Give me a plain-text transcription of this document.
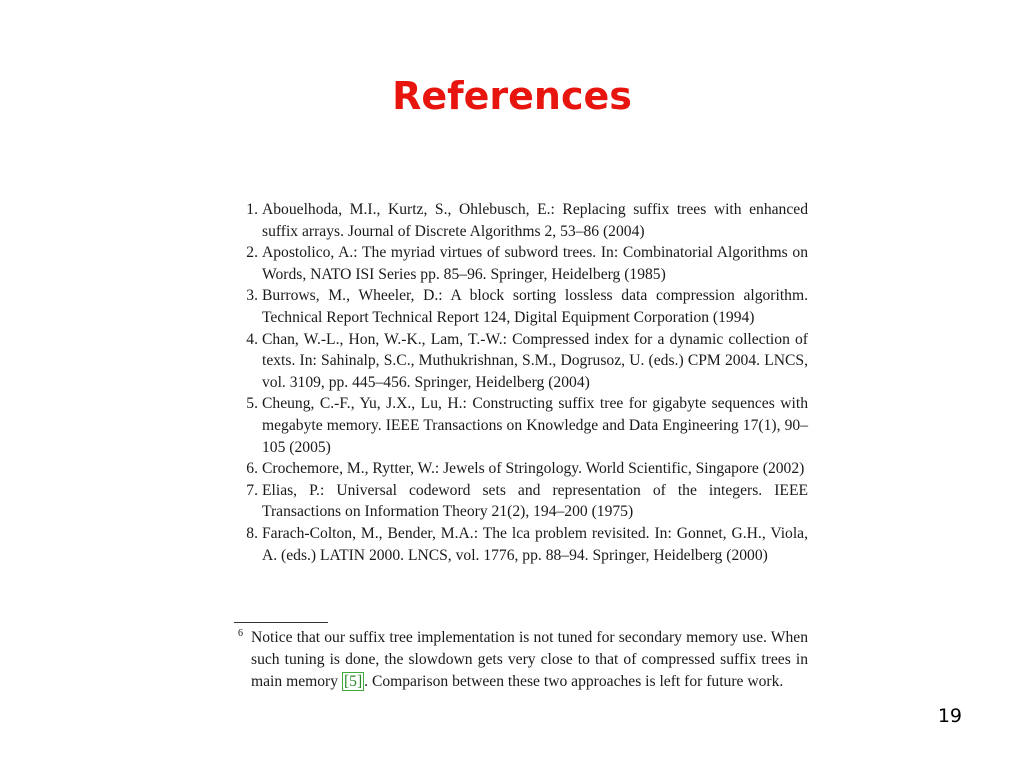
References
1. Abouelhoda, M.I., Kurtz, S., Ohlebusch, E.: Replacing suffix trees with enhanced suffix arrays. Journal of Discrete Algorithms 2, 53–86 (2004)
2. Apostolico, A.: The myriad virtues of subword trees. In: Combinatorial Algorithms on Words, NATO ISI Series pp. 85–96. Springer, Heidelberg (1985)
3. Burrows, M., Wheeler, D.: A block sorting lossless data compression algorithm. Technical Report Technical Report 124, Digital Equipment Corporation (1994)
4. Chan, W.-L., Hon, W.-K., Lam, T.-W.: Compressed index for a dynamic collection of texts. In: Sahinalp, S.C., Muthukrishnan, S.M., Dogrusoz, U. (eds.) CPM 2004. LNCS, vol. 3109, pp. 445–456. Springer, Heidelberg (2004)
5. Cheung, C.-F., Yu, J.X., Lu, H.: Constructing suffix tree for gigabyte sequences with megabyte memory. IEEE Transactions on Knowledge and Data Engineering 17(1), 90–105 (2005)
6. Crochemore, M., Rytter, W.: Jewels of Stringology. World Scientific, Singapore (2002)
7. Elias, P.: Universal codeword sets and representation of the integers. IEEE Transactions on Information Theory 21(2), 194–200 (1975)
8. Farach-Colton, M., Bender, M.A.: The lca problem revisited. In: Gonnet, G.H., Viola, A. (eds.) LATIN 2000. LNCS, vol. 1776, pp. 88–94. Springer, Heidelberg (2000)
6 Notice that our suffix tree implementation is not tuned for secondary memory use. When such tuning is done, the slowdown gets very close to that of compressed suffix trees in main memory [5] . Comparison between these two approaches is left for future work.
19
